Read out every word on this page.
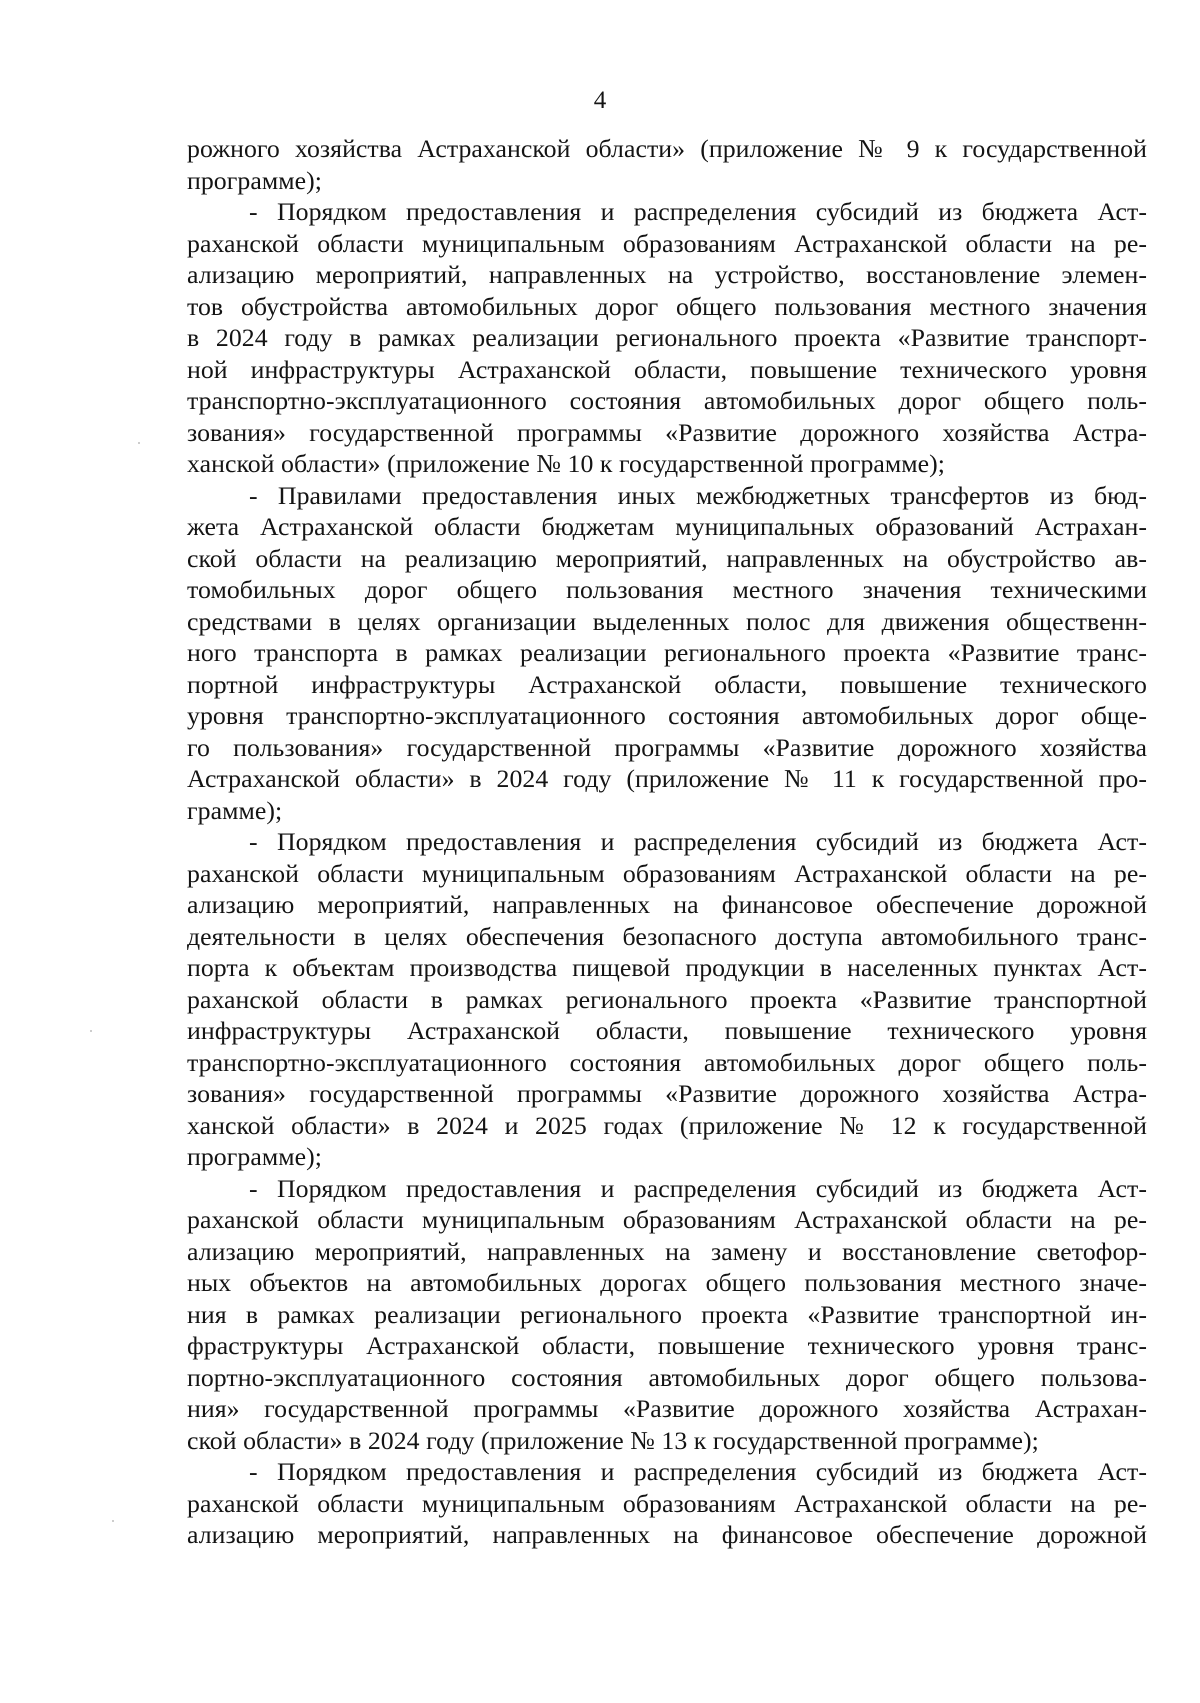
4
рожного хозяйства Астраханской области» (приложение № 9 к государственной
программе);
- Порядком предоставления и распределения субсидий из бюджета Аст-
раханской области муниципальным образованиям Астраханской области на ре-
ализацию мероприятий, направленных на устройство, восстановление элемен-
тов обустройства автомобильных дорог общего пользования местного значения
в 2024 году в рамках реализации регионального проекта «Развитие транспорт-
ной инфраструктуры Астраханской области, повышение технического уровня
транспортно-эксплуатационного состояния автомобильных дорог общего поль-
зования» государственной программы «Развитие дорожного хозяйства Астра-
ханской области» (приложение № 10 к государственной программе);
- Правилами предоставления иных межбюджетных трансфертов из бюд-
жета Астраханской области бюджетам муниципальных образований Астрахан-
ской области на реализацию мероприятий, направленных на обустройство ав-
томобильных дорог общего пользования местного значения техническими
средствами в целях организации выделенных полос для движения общественн-
ного транспорта в рамках реализации регионального проекта «Развитие транс-
портной инфраструктуры Астраханской области, повышение технического
уровня транспортно-эксплуатационного состояния автомобильных дорог обще-
го пользования» государственной программы «Развитие дорожного хозяйства
Астраханской области» в 2024 году (приложение № 11 к государственной про-
грамме);
- Порядком предоставления и распределения субсидий из бюджета Аст-
раханской области муниципальным образованиям Астраханской области на ре-
ализацию мероприятий, направленных на финансовое обеспечение дорожной
деятельности в целях обеспечения безопасного доступа автомобильного транс-
порта к объектам производства пищевой продукции в населенных пунктах Аст-
раханской области в рамках регионального проекта «Развитие транспортной
инфраструктуры Астраханской области, повышение технического уровня
транспортно-эксплуатационного состояния автомобильных дорог общего поль-
зования» государственной программы «Развитие дорожного хозяйства Астра-
ханской области» в 2024 и 2025 годах (приложение № 12 к государственной
программе);
- Порядком предоставления и распределения субсидий из бюджета Аст-
раханской области муниципальным образованиям Астраханской области на ре-
ализацию мероприятий, направленных на замену и восстановление светофор-
ных объектов на автомобильных дорогах общего пользования местного значе-
ния в рамках реализации регионального проекта «Развитие транспортной ин-
фраструктуры Астраханской области, повышение технического уровня транс-
портно-эксплуатационного состояния автомобильных дорог общего пользова-
ния» государственной программы «Развитие дорожного хозяйства Астрахан-
ской области» в 2024 году (приложение № 13 к государственной программе);
- Порядком предоставления и распределения субсидий из бюджета Аст-
раханской области муниципальным образованиям Астраханской области на ре-
ализацию мероприятий, направленных на финансовое обеспечение дорожной
